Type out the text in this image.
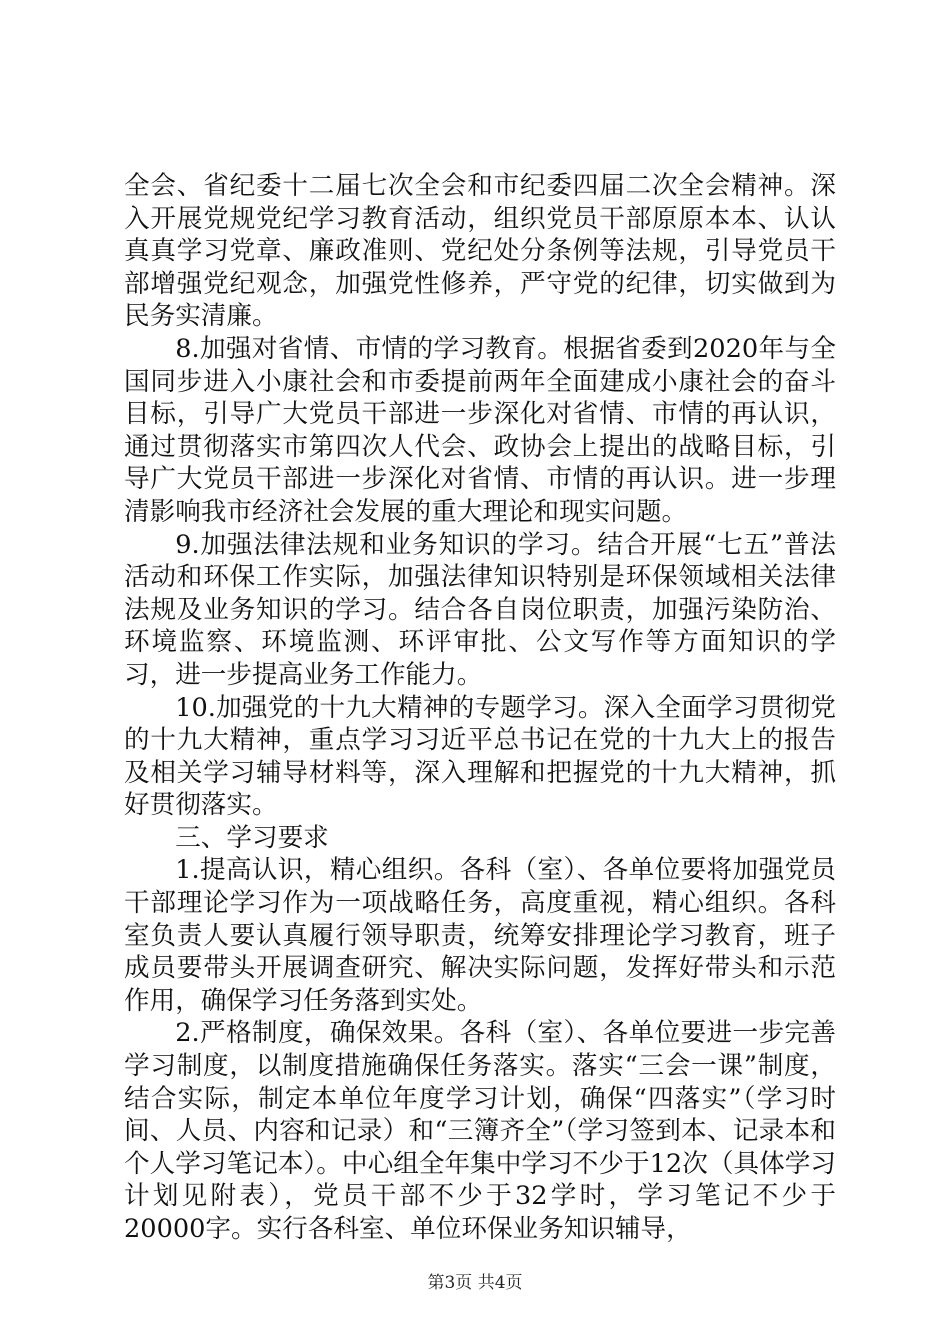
全会、省纪委十二届七次全会和市纪委四届二次全会精神。深入开展党规党纪学习教育活动，组织党员干部原原本本、认认真真学习党章、廉政准则、党纪处分条例等法规，引导党员干部增强党纪观念，加强党性修养，严守党的纪律，切实做到为民务实清廉。

8.加强对省情、市情的学习教育。根据省委到2020年与全国同步进入小康社会和市委提前两年全面建成小康社会的奋斗目标，引导广大党员干部进一步深化对省情、市情的再认识，通过贯彻落实市第四次人代会、政协会上提出的战略目标，引导广大党员干部进一步深化对省情、市情的再认识。进一步理清影响我市经济社会发展的重大理论和现实问题。

9.加强法律法规和业务知识的学习。结合开展“七五”普法活动和环保工作实际，加强法律知识特别是环保领域相关法律法规及业务知识的学习。结合各自岗位职责，加强污染防治、环境监察、环境监测、环评审批、公文写作等方面知识的学习，进一步提高业务工作能力。

10.加强党的十九大精神的专题学习。深入全面学习贯彻党的十九大精神，重点学习习近平总书记在党的十九大上的报告及相关学习辅导材料等，深入理解和把握党的十九大精神，抓好贯彻落实。

三、学习要求

1.提高认识，精心组织。各科（室）、各单位要将加强党员干部理论学习作为一项战略任务，高度重视，精心组织。各科室负责人要认真履行领导职责，统筹安排理论学习教育，班子成员要带头开展调查研究、解决实际问题，发挥好带头和示范作用，确保学习任务落到实处。

2.严格制度，确保效果。各科（室）、各单位要进一步完善学习制度，以制度措施确保任务落实。落实“三会一课”制度，结合实际，制定本单位年度学习计划，确保“四落实”（学习时间、人员、内容和记录）和“三簿齐全”（学习签到本、记录本和个人学习笔记本）。中心组全年集中学习不少于12次（具体学习计划见附表），党员干部不少于32学时，学习笔记不少于20000字。实行各科室、单位环保业务知识辅导，

第3页 共4页
